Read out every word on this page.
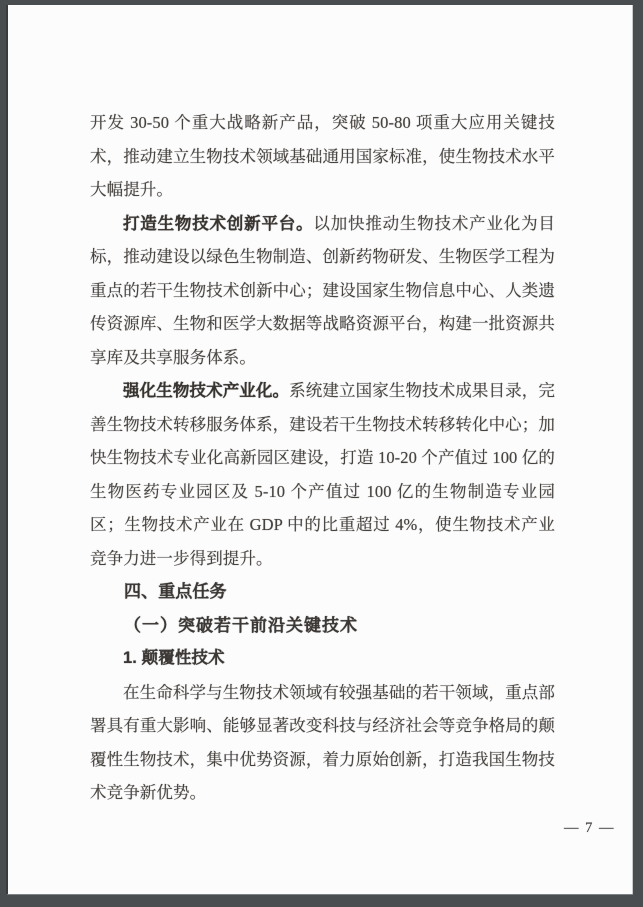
开发 30-50 个重大战略新产品，突破 50-80 项重大应用关键技术，推动建立生物技术领域基础通用国家标准，使生物技术水平大幅提升。

打造生物技术创新平台。以加快推动生物技术产业化为目标，推动建设以绿色生物制造、创新药物研发、生物医学工程为重点的若干生物技术创新中心；建设国家生物信息中心、人类遗传资源库、生物和医学大数据等战略资源平台，构建一批资源共享库及共享服务体系。

强化生物技术产业化。系统建立国家生物技术成果目录，完善生物技术转移服务体系，建设若干生物技术转移转化中心；加快生物技术专业化高新园区建设，打造 10-20 个产值过 100 亿的生物医药专业园区及 5-10 个产值过 100 亿的生物制造专业园区；生物技术产业在 GDP 中的比重超过 4%，使生物技术产业竞争力进一步得到提升。

四、重点任务

（一）突破若干前沿关键技术

1. 颠覆性技术

在生命科学与生物技术领域有较强基础的若干领域，重点部署具有重大影响、能够显著改变科技与经济社会等竞争格局的颠覆性生物技术，集中优势资源，着力原始创新，打造我国生物技术竞争新优势。

— 7 —
